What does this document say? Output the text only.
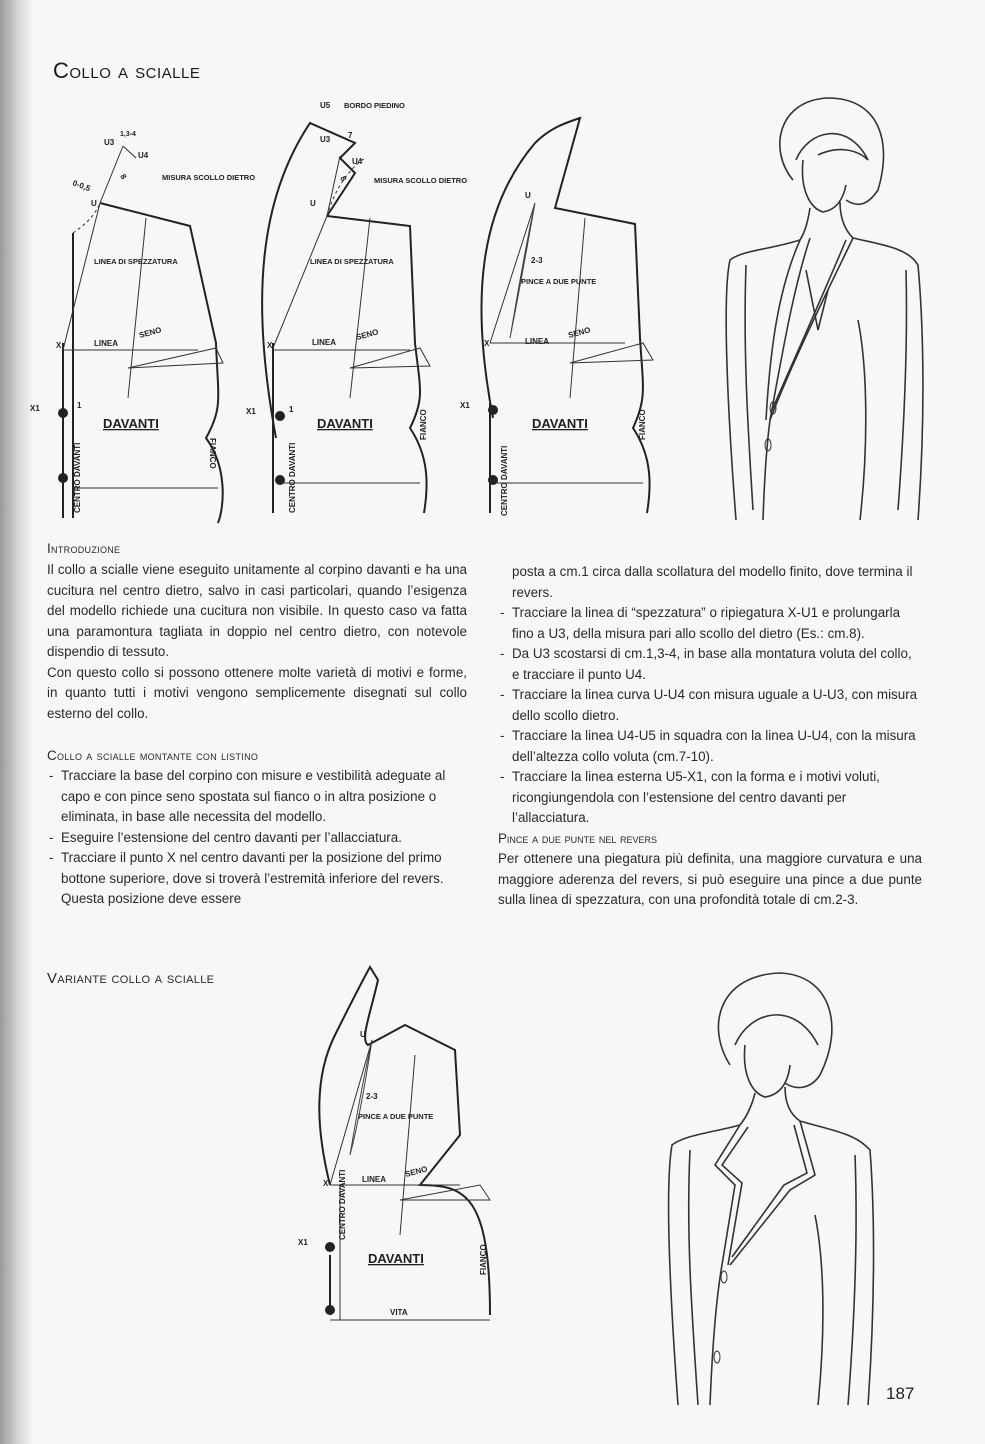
Collo a scialle
U3
1,3-4
U4
0-0,5
U
8	MISURA SCOLLO DIETRO
LINEA DI SPEZZATURA
X	LINEA
SENO
X1	1
DAVANTI
FIANCO
CENTRO DAVANTI
U5 BORDO PIEDINO
U3 7
U4
8	MISURA SCOLLO DIETRO
U
LINEA DI SPEZZATURA
X	LINEA
SENO
X1	1
DAVANTI	FIANCO
CENTRO DAVANTI
U
2-3
PINCE A DUE PUNTE
X	LINEA
SENO
X1
DAVANTI	FIANCO
CENTRO DAVANTI
Introduzione

Il collo a scialle viene eseguito unitamente al corpino davanti e ha una cucitura nel centro dietro, salvo in casi particolari, quando l’esigenza del modello richiede una cucitura non visibile. In questo caso va fatta una paramontura tagliata in doppio nel centro dietro, con notevole dispendio di tessuto.

Con questo collo si possono ottenere molte varietà di motivi e forme, in quanto tutti i motivi vengono semplicemente disegnati sul collo esterno del collo.

Collo a scialle montante con listino
- Tracciare la base del corpino con misure e vestibilità adeguate al capo e con pince seno spostata sul fianco o in altra posizione o eliminata, in base alle necessita del modello.
- Eseguire l’estensione del centro davanti per l’allacciatura.
- Tracciare il punto X nel centro davanti per la posizione del primo bottone superiore, dove si troverà l’estremità inferiore del revers. Questa posizione deve essere

posta a cm.1 circa dalla scollatura del modello finito, dove termina il revers.

- Tracciare la linea di “spezzatura” o ripiegatura X-U1 e prolungarla fino a U3, della misura pari allo scollo del dietro (Es.: cm.8).
- Da U3 scostarsi di cm.1,3-4, in base alla montatura voluta del collo, e tracciare il punto U4.
- Tracciare la linea curva U-U4 con misura uguale a U-U3, con misura dello scollo dietro.
- Tracciare la linea U4-U5 in squadra con la linea U-U4, con la misura dell’altezza collo voluta (cm.7-10).
- Tracciare la linea esterna U5-X1, con la forma e i motivi voluti, ricongiungendola con l’estensione del centro davanti per l’allacciatura.
Pince a due punte nel revers

Per ottenere una piegatura più definita, una maggiore curvatura e una maggiore aderenza del revers, si può eseguire una pince a due punte sulla linea di spezzatura, con una profondità totale di cm.2-3.

Variante collo a scialle
U
2-3
PINCE A DUE PUNTE
X	LINEA
SENO
X1
DAVANTI	FIANCO
CENTRO DAVANTI
VITA
187
